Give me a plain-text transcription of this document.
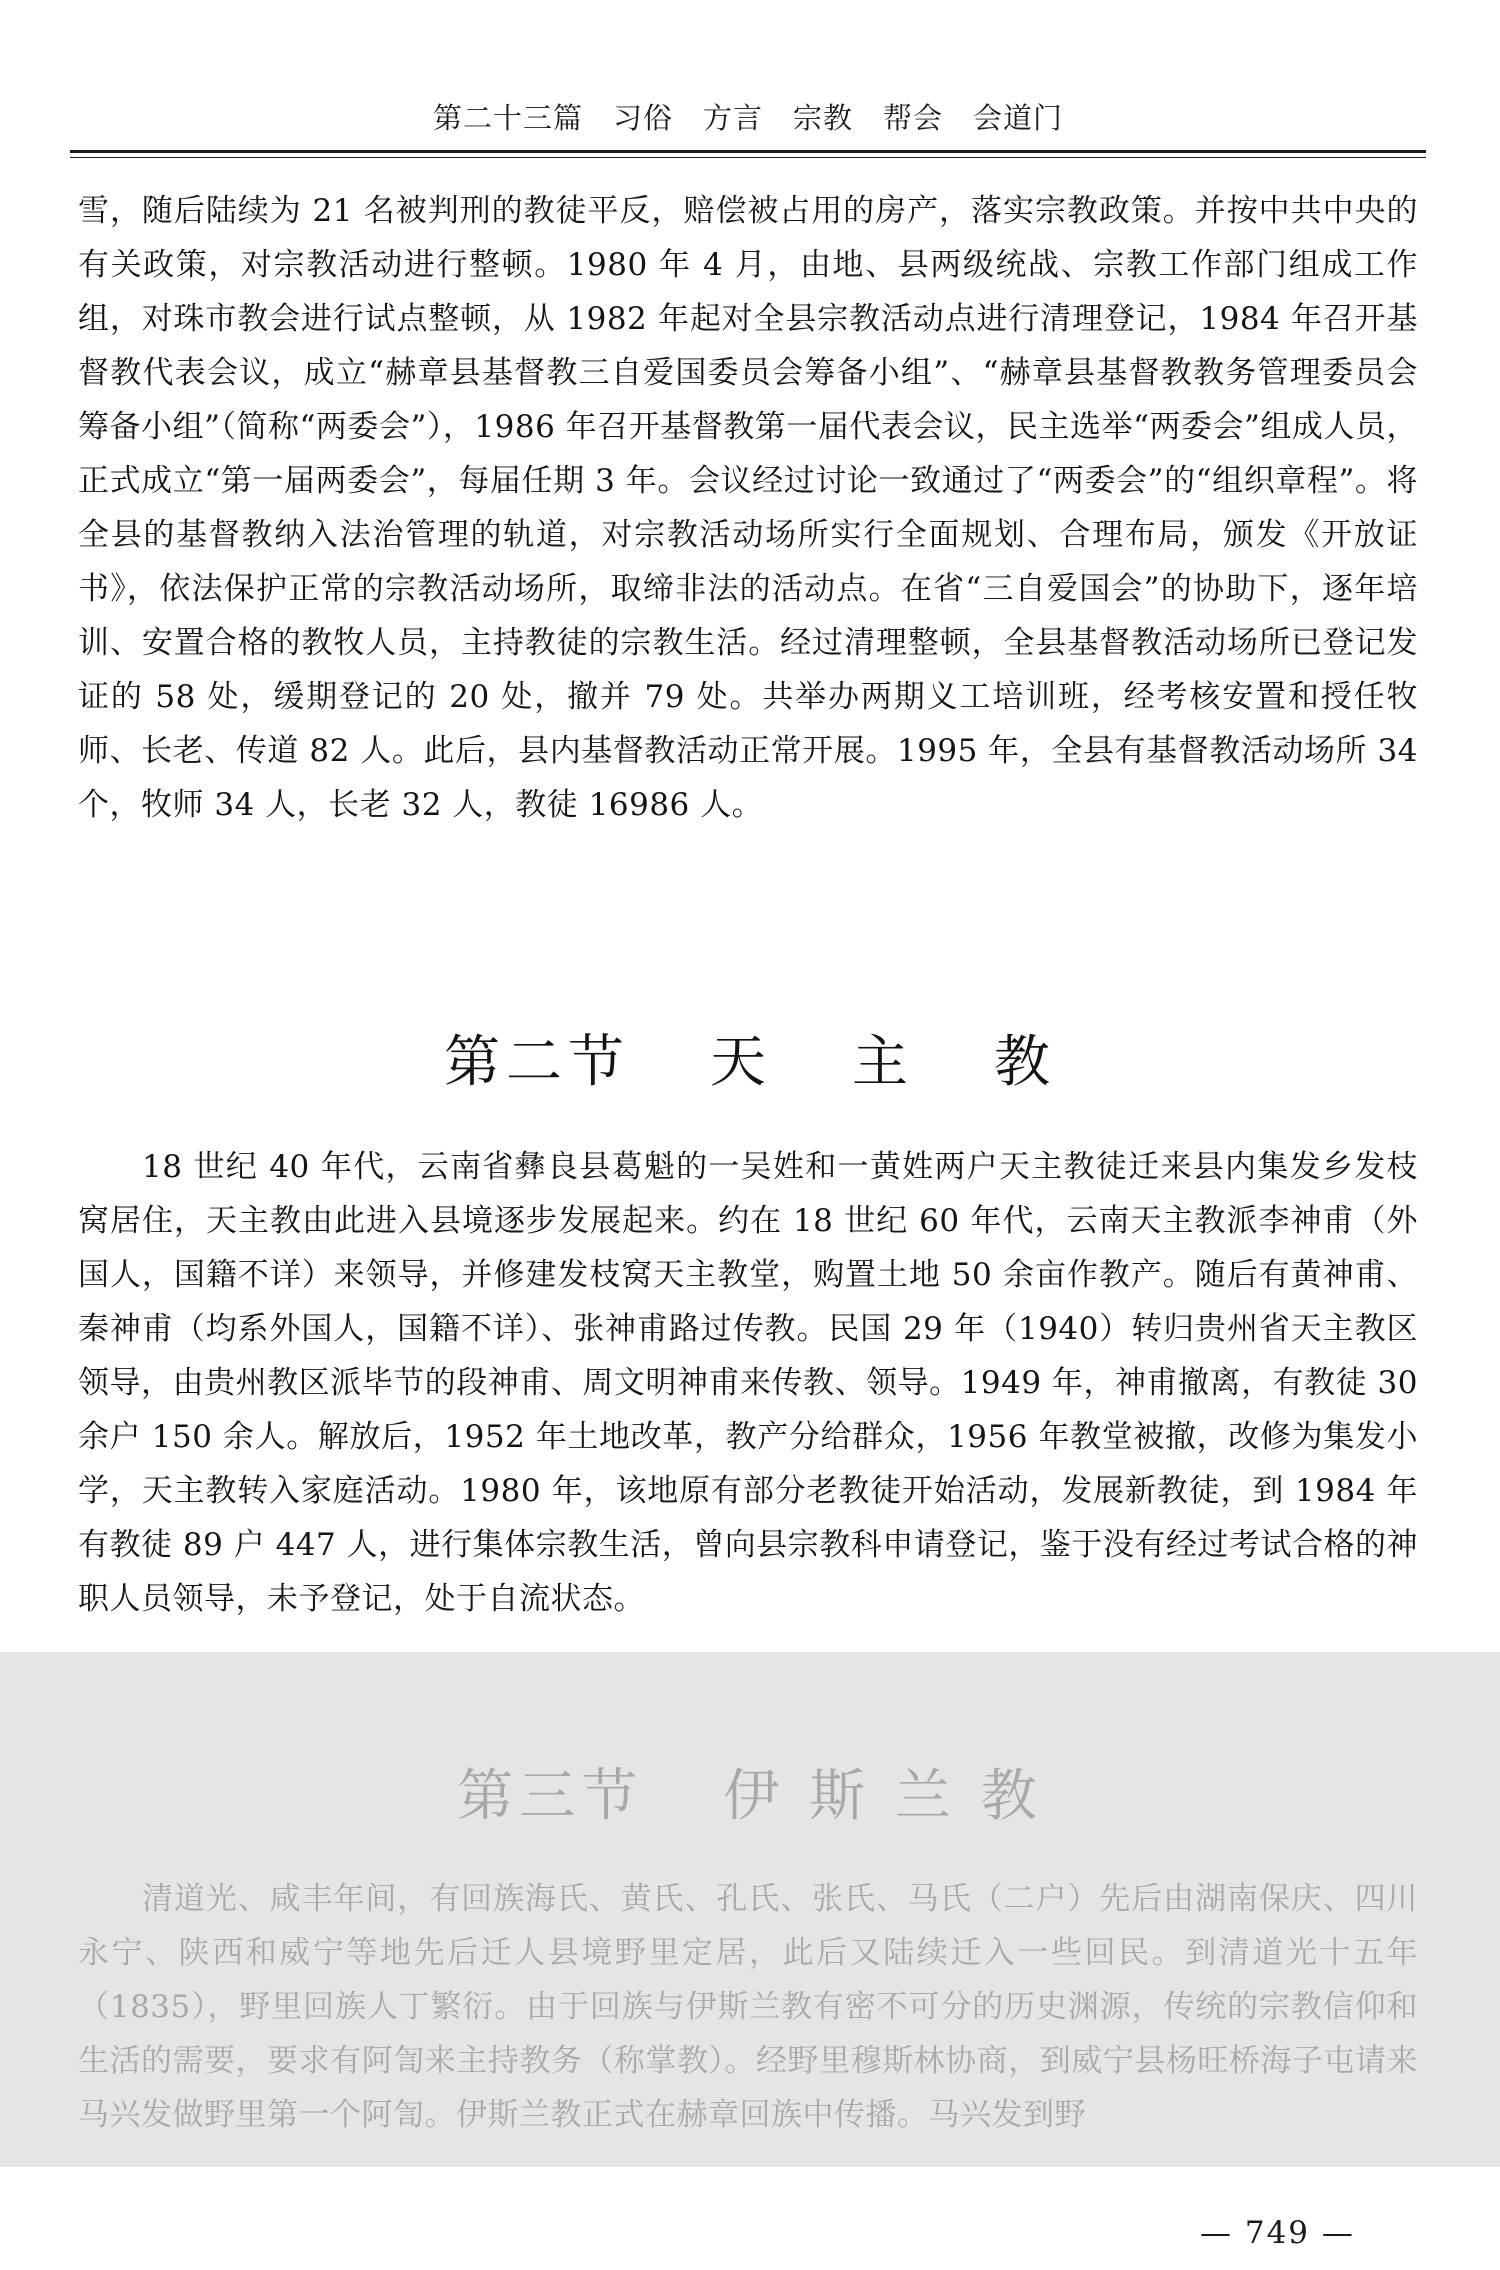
第二十三篇　习俗　方言　宗教　帮会　会道门

雪，随后陆续为 21 名被判刑的教徒平反，赔偿被占用的房产，落实宗教政策。并按中共中央的有关政策，对宗教活动进行整顿。1980 年 4 月，由地、县两级统战、宗教工作部门组成工作组，对珠市教会进行试点整顿，从 1982 年起对全县宗教活动点进行清理登记，1984 年召开基督教代表会议，成立“赫章县基督教三自爱国委员会筹备小组”、“赫章县基督教教务管理委员会筹备小组”（简称“两委会”），1986 年召开基督教第一届代表会议，民主选举“两委会”组成人员，正式成立“第一届两委会”，每届任期 3 年。会议经过讨论一致通过了“两委会”的“组织章程”。将全县的基督教纳入法治管理的轨道，对宗教活动场所实行全面规划、合理布局，颁发《开放证书》，依法保护正常的宗教活动场所，取缔非法的活动点。在省“三自爱国会”的协助下，逐年培训、安置合格的教牧人员，主持教徒的宗教生活。经过清理整顿，全县基督教活动场所已登记发证的 58 处，缓期登记的 20 处，撤并 79 处。共举办两期义工培训班，经考核安置和授任牧师、长老、传道 82 人。此后，县内基督教活动正常开展。1995 年，全县有基督教活动场所 34 个，牧师 34 人，长老 32 人，教徒 16986 人。

第二节 天 主 教

18 世纪 40 年代，云南省彝良县葛魁的一吴姓和一黄姓两户天主教徒迁来县内集发乡发枝窝居住，天主教由此进入县境逐步发展起来。约在 18 世纪 60 年代，云南天主教派李神甫（外国人，国籍不详）来领导，并修建发枝窝天主教堂，购置土地 50 余亩作教产。随后有黄神甫、秦神甫（均系外国人，国籍不详）、张神甫路过传教。民国 29 年（1940）转归贵州省天主教区领导，由贵州教区派毕节的段神甫、周文明神甫来传教、领导。1949 年，神甫撤离，有教徒 30 余户 150 余人。解放后，1952 年土地改革，教产分给群众，1956 年教堂被撤，改修为集发小学，天主教转入家庭活动。1980 年，该地原有部分老教徒开始活动，发展新教徒，到 1984 年有教徒 89 户 447 人，进行集体宗教生活，曾向县宗教科申请登记，鉴于没有经过考试合格的神职人员领导，未予登记，处于自流状态。

第三节 伊 斯 兰 教

清道光、咸丰年间，有回族海氏、黄氏、孔氏、张氏、马氏（二户）先后由湖南保庆、四川永宁、陕西和威宁等地先后迁人县境野里定居，此后又陆续迁入一些回民。到清道光十五年（1835），野里回族人丁繁衍。由于回族与伊斯兰教有密不可分的历史渊源，传统的宗教信仰和生活的需要，要求有阿訇来主持教务（称掌教）。经野里穆斯林协商，到威宁县杨旺桥海子屯请来马兴发做野里第一个阿訇。伊斯兰教正式在赫章回族中传播。马兴发到野

— 749 —
